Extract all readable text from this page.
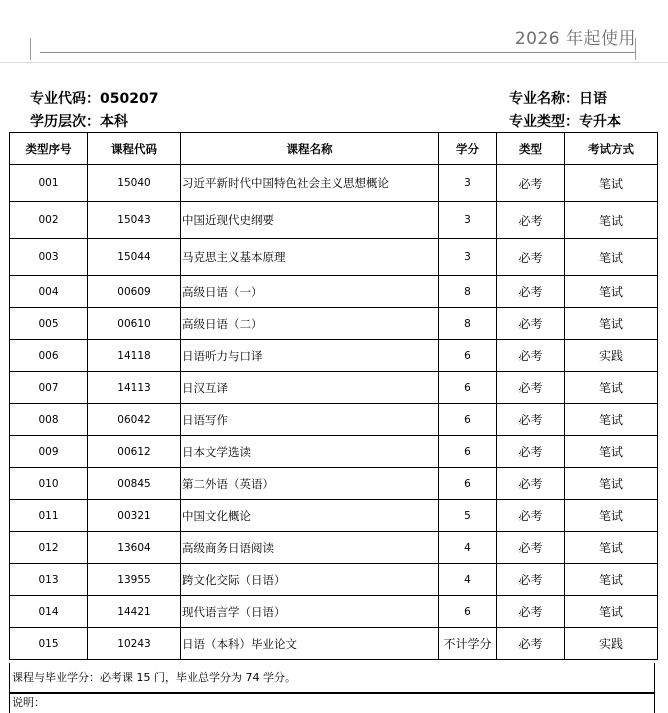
2026 年起使用
专业代码：050207
学历层次：本科
专业名称：日语
专业类型：专升本
类型序号	课程代码	课程名称	学分	类型	考试方式
001	15040	习近平新时代中国特色社会主义思想概论	3	必考	笔试
002	15043	中国近现代史纲要	3	必考	笔试
003	15044	马克思主义基本原理	3	必考	笔试
004	00609	高级日语（一）	8	必考	笔试
005	00610	高级日语（二）	8	必考	笔试
006	14118	日语听力与口译	6	必考	实践
007	14113	日汉互译	6	必考	笔试
008	06042	日语写作	6	必考	笔试
009	00612	日本文学选读	6	必考	笔试
010	00845	第二外语（英语）	6	必考	笔试
011	00321	中国文化概论	5	必考	笔试
012	13604	高级商务日语阅读	4	必考	笔试
013	13955	跨文化交际（日语）	4	必考	笔试
014	14421	现代语言学（日语）	6	必考	笔试
015	10243	日语（本科）毕业论文	不计学分	必考	实践
课程与毕业学分：必考课 15 门，毕业总学分为 74 学分。
说明：
